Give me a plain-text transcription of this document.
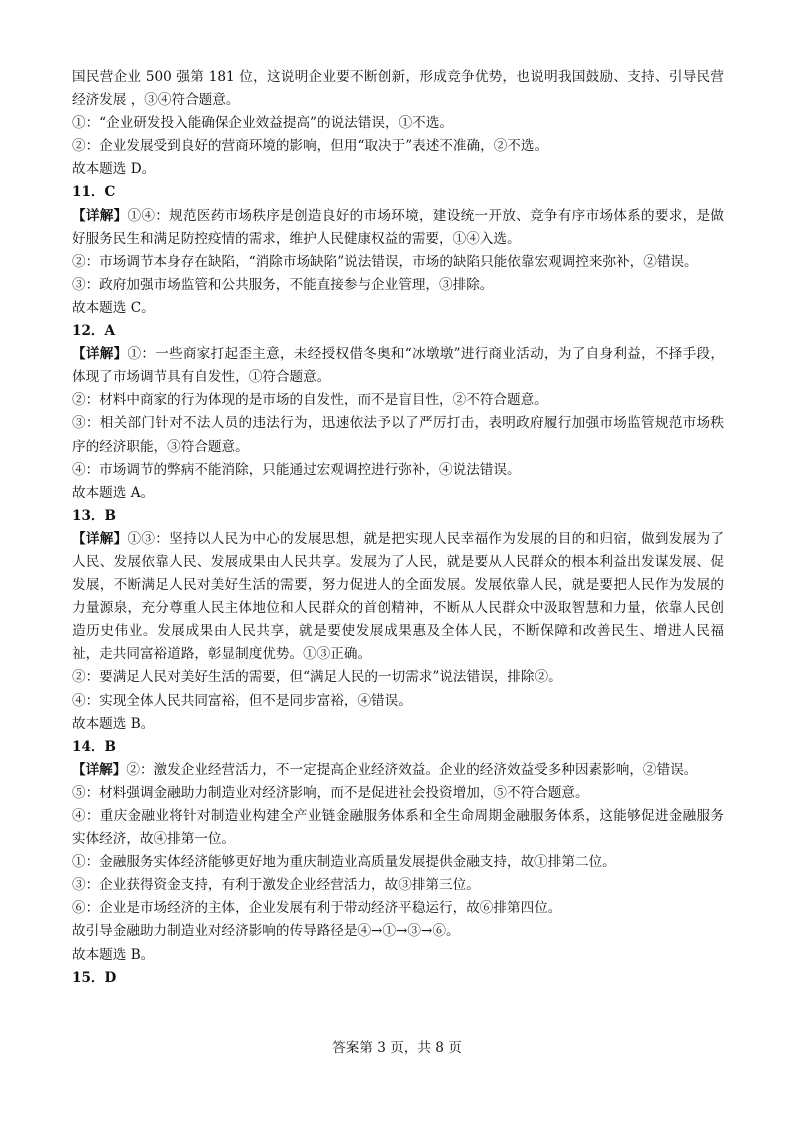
国民营企业 500 强第 181 位，这说明企业要不断创新，形成竞争优势，也说明我国鼓励、支持、引导民营经济发展 ，③④符合题意。

①：“企业研发投入能确保企业效益提高”的说法错误，①不选。

②：企业发展受到良好的营商环境的影响，但用“取决于”表述不准确，②不选。

故本题选 D。

11．C

【详解】①④：规范医药市场秩序是创造良好的市场环境，建设统一开放、竞争有序市场体系的要求，是做好服务民生和满足防控疫情的需求，维护人民健康权益的需要，①④入选。

②：市场调节本身存在缺陷，“消除市场缺陷”说法错误，市场的缺陷只能依靠宏观调控来弥补，②错误。

③：政府加强市场监管和公共服务，不能直接参与企业管理，③排除。

故本题选 C。

12．A

【详解】①：一些商家打起歪主意，未经授权借冬奥和“冰墩墩”进行商业活动，为了自身利益，不择手段，体现了市场调节具有自发性，①符合题意。

②：材料中商家的行为体现的是市场的自发性，而不是盲目性，②不符合题意。

③：相关部门针对不法人员的违法行为，迅速依法予以了严厉打击，表明政府履行加强市场监管规范市场秩序的经济职能，③符合题意。

④：市场调节的弊病不能消除，只能通过宏观调控进行弥补，④说法错误。

故本题选 A。

13．B

【详解】①③：坚持以人民为中心的发展思想，就是把实现人民幸福作为发展的目的和归宿，做到发展为了人民、发展依靠人民、发展成果由人民共享。发展为了人民，就是要从人民群众的根本利益出发谋发展、促发展，不断满足人民对美好生活的需要，努力促进人的全面发展。发展依靠人民，就是要把人民作为发展的力量源泉，充分尊重人民主体地位和人民群众的首创精神，不断从人民群众中汲取智慧和力量，依靠人民创造历史伟业。发展成果由人民共享，就是要使发展成果惠及全体人民，不断保障和改善民生、增进人民福祉，走共同富裕道路，彰显制度优势。①③正确。

②：要满足人民对美好生活的需要，但“满足人民的一切需求”说法错误，排除②。

④：实现全体人民共同富裕，但不是同步富裕，④错误。

故本题选 B。

14．B

【详解】②：激发企业经营活力，不一定提高企业经济效益。企业的经济效益受多种因素影响，②错误。

⑤：材料强调金融助力制造业对经济影响，而不是促进社会投资增加，⑤不符合题意。

④：重庆金融业将针对制造业构建全产业链金融服务体系和全生命周期金融服务体系，这能够促进金融服务实体经济，故④排第一位。

①：金融服务实体经济能够更好地为重庆制造业高质量发展提供金融支持，故①排第二位。

③：企业获得资金支持，有利于激发企业经营活力，故③排第三位。

⑥：企业是市场经济的主体，企业发展有利于带动经济平稳运行，故⑥排第四位。

故引导金融助力制造业对经济影响的传导路径是④→①→③→⑥。

故本题选 B。

15．D

答案第 3 页，共 8 页
